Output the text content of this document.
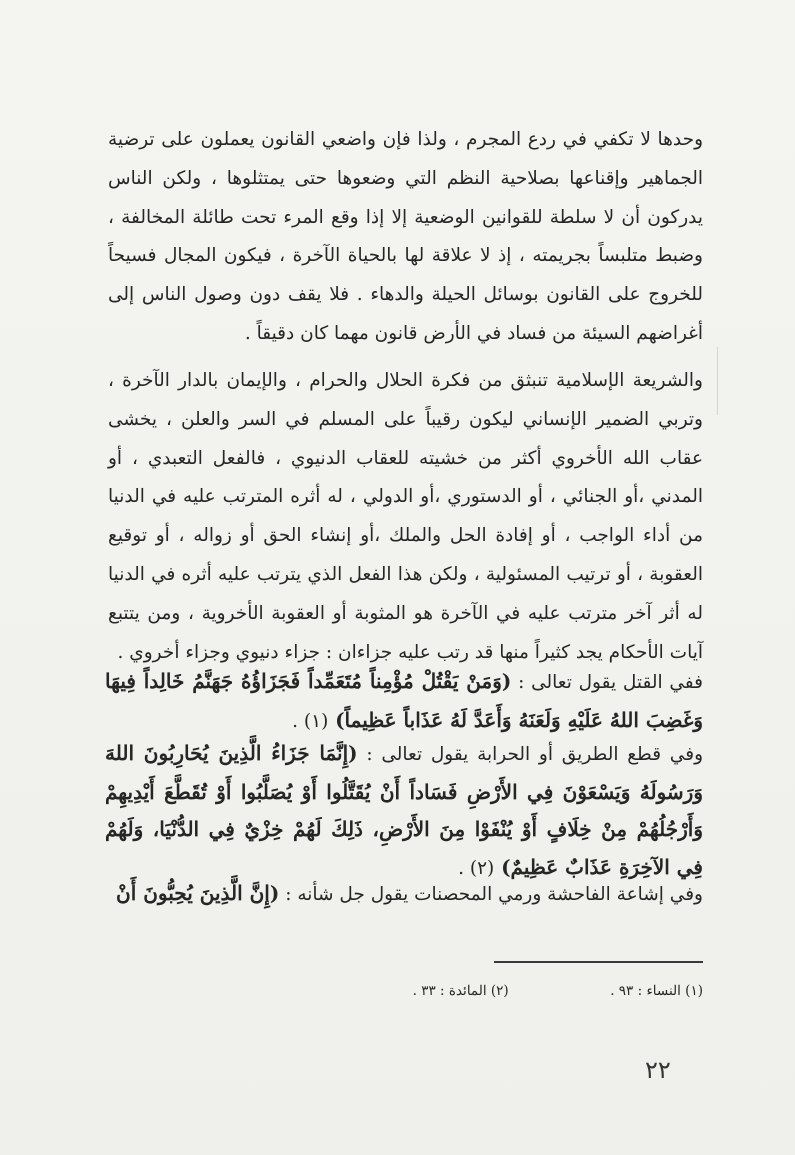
وحدها لا تكفي في ردع المجرم ، ولذا فإن واضعي القانون يعملون على ترضية الجماهير وإقناعها بصلاحية النظم التي وضعوها حتى يمتثلوها ، ولكن الناس يدركون أن لا سلطة للقوانين الوضعية إلا إذا وقع المرء تحت طائلة المخالفة ، وضبط متلبساً بجريمته ، إذ لا علاقة لها بالحياة الآخرة ، فيكون المجال فسيحاً للخروج على القانون بوسائل الحيلة والدهاء . فلا يقف دون وصول الناس إلى أغراضهم السيئة من فساد في الأرض قانون مهما كان دقيقاً .
والشريعة الإسلامية تنبثق من فكرة الحلال والحرام ، والإيمان بالدار الآخرة ، وتربي الضمير الإنساني ليكون رقيباً على المسلم في السر والعلن ، يخشى عقاب الله الأخروي أكثر من خشيته للعقاب الدنيوي ، فالفعل التعبدي ، أو المدني ،أو الجنائي ، أو الدستوري ،أو الدولي ، له أثره المترتب عليه في الدنيا من أداء الواجب ، أو إفادة الحل والملك ،أو إنشاء الحق أو زواله ، أو توقيع العقوبة ، أو ترتيب المسئولية ، ولكن هذا الفعل الذي يترتب عليه أثره في الدنيا له أثر آخر مترتب عليه في الآخرة هو المثوبة أو العقوبة الأخروية ، ومن يتتبع آيات الأحكام يجد كثيراً منها قد رتب عليه جزاءان : جزاء دنيوي وجزاء أخروي .
ففي القتل يقول تعالى : (وَمَنْ يَقْتُلْ مُؤْمِناً مُتَعَمِّداً فَجَزَاؤُهُ جَهَنَّمُ خَالِداً فِيهَا وَغَضِبَ اللهُ عَلَيْهِ وَلَعَنَهُ وَأَعَدَّ لَهُ عَذَاباً عَظِيماً) (١) .
وفي قطع الطريق أو الحرابة يقول تعالى : (إِنَّمَا جَزَاءُ الَّذِينَ يُحَارِبُونَ اللهَ وَرَسُولَهُ وَيَسْعَوْنَ فِي الأَرْضِ فَسَاداً أَنْ يُقَتَّلُوا أَوْ يُصَلَّبُوا أَوْ تُقَطَّعَ أَيْدِيهِمْ وَأَرْجُلُهُمْ مِنْ خِلَافٍ أَوْ يُنْفَوْا مِنَ الأَرْضِ، ذَلِكَ لَهُمْ خِزْيٌ فِي الدُّنْيَا، وَلَهُمْ فِي الآخِرَةِ عَذَابٌ عَظِيمٌ) (٢) .
وفي إشاعة الفاحشة ورمي المحصنات يقول جل شأنه : (إِنَّ الَّذِينَ يُحِبُّونَ أَنْ
(١) النساء : ٩٣ . (٢) المائدة : ٣٣ .
٢٢
